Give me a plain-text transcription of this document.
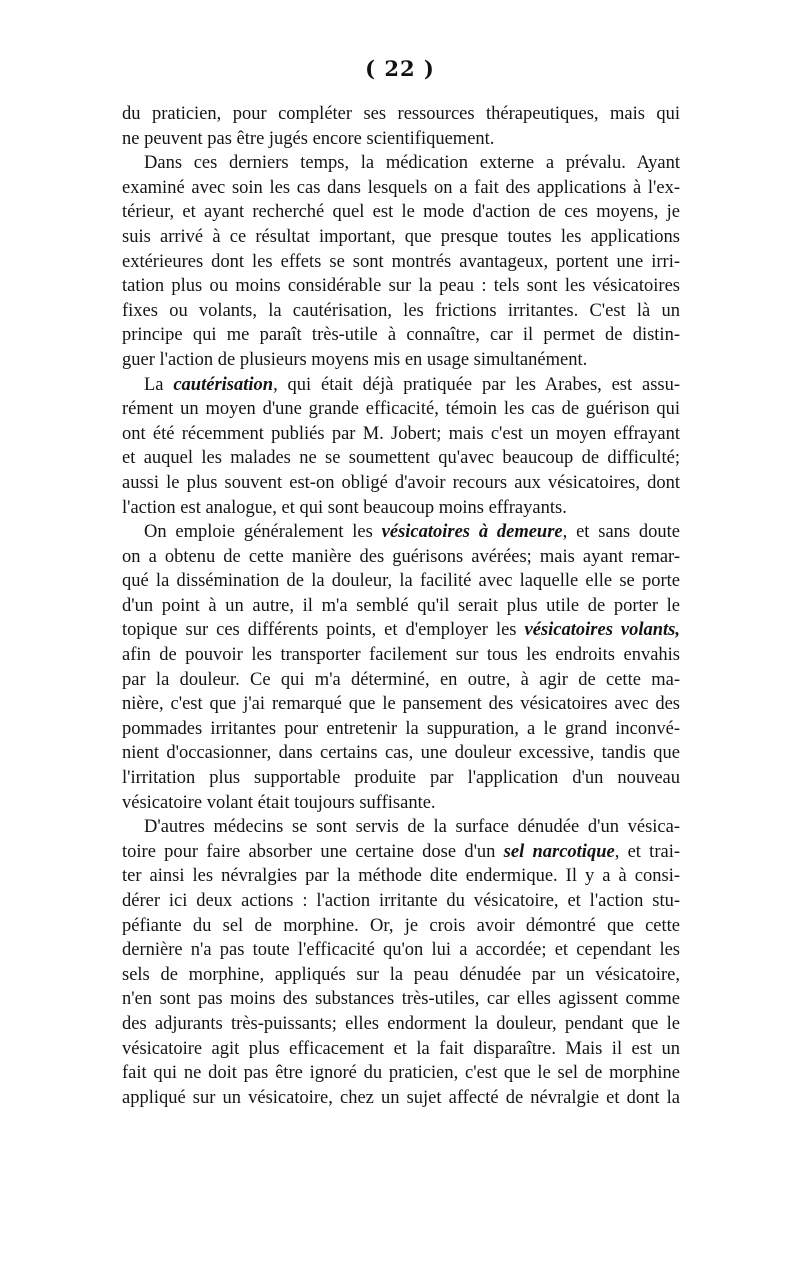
( 22 )
du praticien, pour compléter ses ressources thérapeutiques, mais qui
ne peuvent pas être jugés encore scientifiquement.
Dans ces derniers temps, la médication externe a prévalu. Ayant
examiné avec soin les cas dans lesquels on a fait des applications à l'ex-
térieur, et ayant recherché quel est le mode d'action de ces moyens, je
suis arrivé à ce résultat important, que presque toutes les applications
extérieures dont les effets se sont montrés avantageux, portent une irri-
tation plus ou moins considérable sur la peau : tels sont les vésicatoires
fixes ou volants, la cautérisation, les frictions irritantes. C'est là un
principe qui me paraît très-utile à connaître, car il permet de distin-
guer l'action de plusieurs moyens mis en usage simultanément.
La cautérisation, qui était déjà pratiquée par les Arabes, est assu-
rément un moyen d'une grande efficacité, témoin les cas de guérison qui
ont été récemment publiés par M. Jobert; mais c'est un moyen effrayant
et auquel les malades ne se soumettent qu'avec beaucoup de difficulté;
aussi le plus souvent est-on obligé d'avoir recours aux vésicatoires, dont
l'action est analogue, et qui sont beaucoup moins effrayants.
On emploie généralement les vésicatoires à demeure, et sans doute
on a obtenu de cette manière des guérisons avérées; mais ayant remar-
qué la dissémination de la douleur, la facilité avec laquelle elle se porte
d'un point à un autre, il m'a semblé qu'il serait plus utile de porter le
topique sur ces différents points, et d'employer les vésicatoires volants,
afin de pouvoir les transporter facilement sur tous les endroits envahis
par la douleur. Ce qui m'a déterminé, en outre, à agir de cette ma-
nière, c'est que j'ai remarqué que le pansement des vésicatoires avec des
pommades irritantes pour entretenir la suppuration, a le grand inconvé-
nient d'occasionner, dans certains cas, une douleur excessive, tandis que
l'irritation plus supportable produite par l'application d'un nouveau
vésicatoire volant était toujours suffisante.
D'autres médecins se sont servis de la surface dénudée d'un vésica-
toire pour faire absorber une certaine dose d'un sel narcotique, et trai-
ter ainsi les névralgies par la méthode dite endermique. Il y a à consi-
dérer ici deux actions : l'action irritante du vésicatoire, et l'action stu-
péfiante du sel de morphine. Or, je crois avoir démontré que cette
dernière n'a pas toute l'efficacité qu'on lui a accordée; et cependant les
sels de morphine, appliqués sur la peau dénudée par un vésicatoire,
n'en sont pas moins des substances très-utiles, car elles agissent comme
des adjurants très-puissants; elles endorment la douleur, pendant que le
vésicatoire agit plus efficacement et la fait disparaître. Mais il est un
fait qui ne doit pas être ignoré du praticien, c'est que le sel de morphine
appliqué sur un vésicatoire, chez un sujet affecté de névralgie et dont la
